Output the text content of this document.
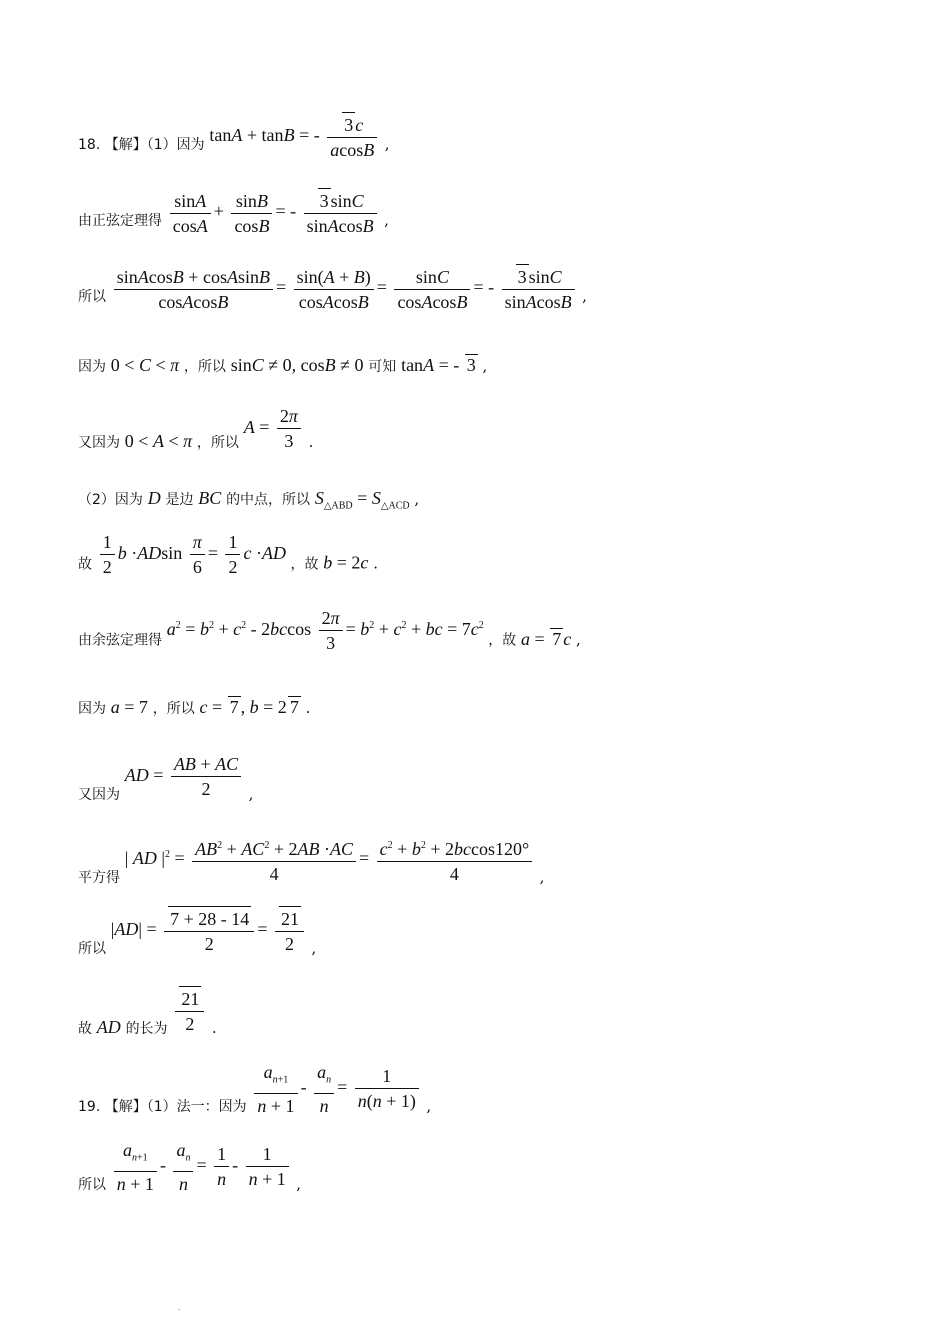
18. 【解】（1）因为 tanA + tanB = - $\frac{3 c}{acosB}$ ,
由正弦定理得 $\frac{\sin A}{\cos A} + \frac{\sin B}{\cos B}$ = - $\frac{3 \sin C}{\text{sinAcosB}}$ ,
所以 $\frac{\text{sinAcosB + cosAsinB}}{\text{cosAcosB}} = \frac{\sin(A + B)}{\text{cosAcosB}} = \frac{\sin C}{\text{cosAcosB}}$ = - $\frac{3 \sin C}{\text{sinAcosB}}$ ,
因为 0 < C < π ，所以 sinC ≠ 0, cosB ≠ 0 可知 tanA = - 3 ,
又因为 0 < A < π ，所以 $A = \frac{2\pi}{3}$ .
（2）因为 D 是边 BC 的中点，所以 $S_{\triangle ABD} = S_{\triangle ACD}$ ,
故 $\frac{1}{2}$ $b \cdot ADsin \frac{\pi}{6} = \frac{1}{2}$ c ·AD ，故 b = 2c .
由余弦定理得 $a^2 = b^2 + c^2 - 2bccos \frac{2\pi}{3} = b^2 + c^2$ + bc = $7c^2$ ，故 a = 7 c ,
因为 a = 7 ，所以 c = 7 , b = 2 7 .
又因为 AD = $\frac{AB + AC}{2}$ ,
平方得 | AD $|^2 = \frac{AB^2 + AC^2 + 2AB \cdot AC}{4} = \frac{c^2 + b^2 + 2bccos120^\circ}{4}$ ,
所以 $|AD| = \frac{7 + 28 - 14}{2} = \frac{21}{2}$ ,
故 AD 的长为 $\frac{21}{2}$ .
19. 【解】（1）法一：因为 $\frac{a_{n+1}}{n + 1} - \frac{a_n}{n} = \frac{1}{n(n + 1)}$ ,
所以 $\frac{a_{n+1}}{n + 1} - \frac{a_n}{n} = \frac{1}{n} - \frac{1}{n + 1}$ ,
.
